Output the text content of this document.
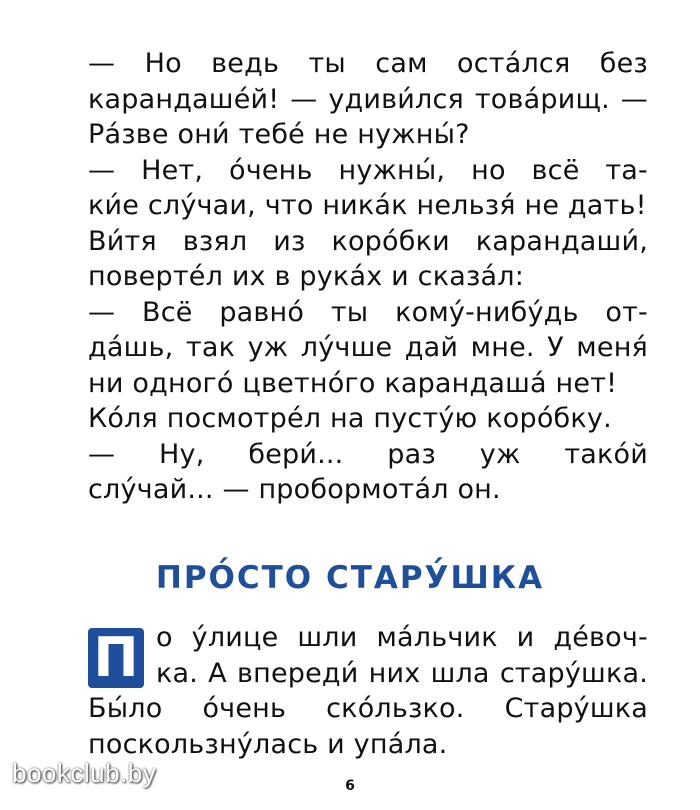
— Но ведь ты сам оста́лся без
карандаше́й! — удиви́лся това́рищ. —
Ра́зве они́ тебе́ не нужны́?
— Нет, о́чень нужны́, но всё та-
ки́е слу́чаи, что ника́к нельзя́ не дать!
Ви́тя взял из коро́бки карандаши́,
поверте́л их в рука́х и сказа́л:
— Всё равно́ ты кому́-нибу́дь от-
да́шь, так уж лу́чше дай мне. У меня́
ни одного́ цветно́го карандаша́ нет!
Ко́ля посмотре́л на пусту́ю коро́бку.
— Ну, бери́... раз уж тако́й
слу́чай... — пробормота́л он.
ПРО́СТО СТАРУ́ШКА
П о у́лице шли ма́льчик и де́воч-
ка. А впереди́ них шла стару́шка.
Бы́ло о́чень ско́льзко. Стару́шка
поскользну́лась и упа́ла.
bookclub.by	6
